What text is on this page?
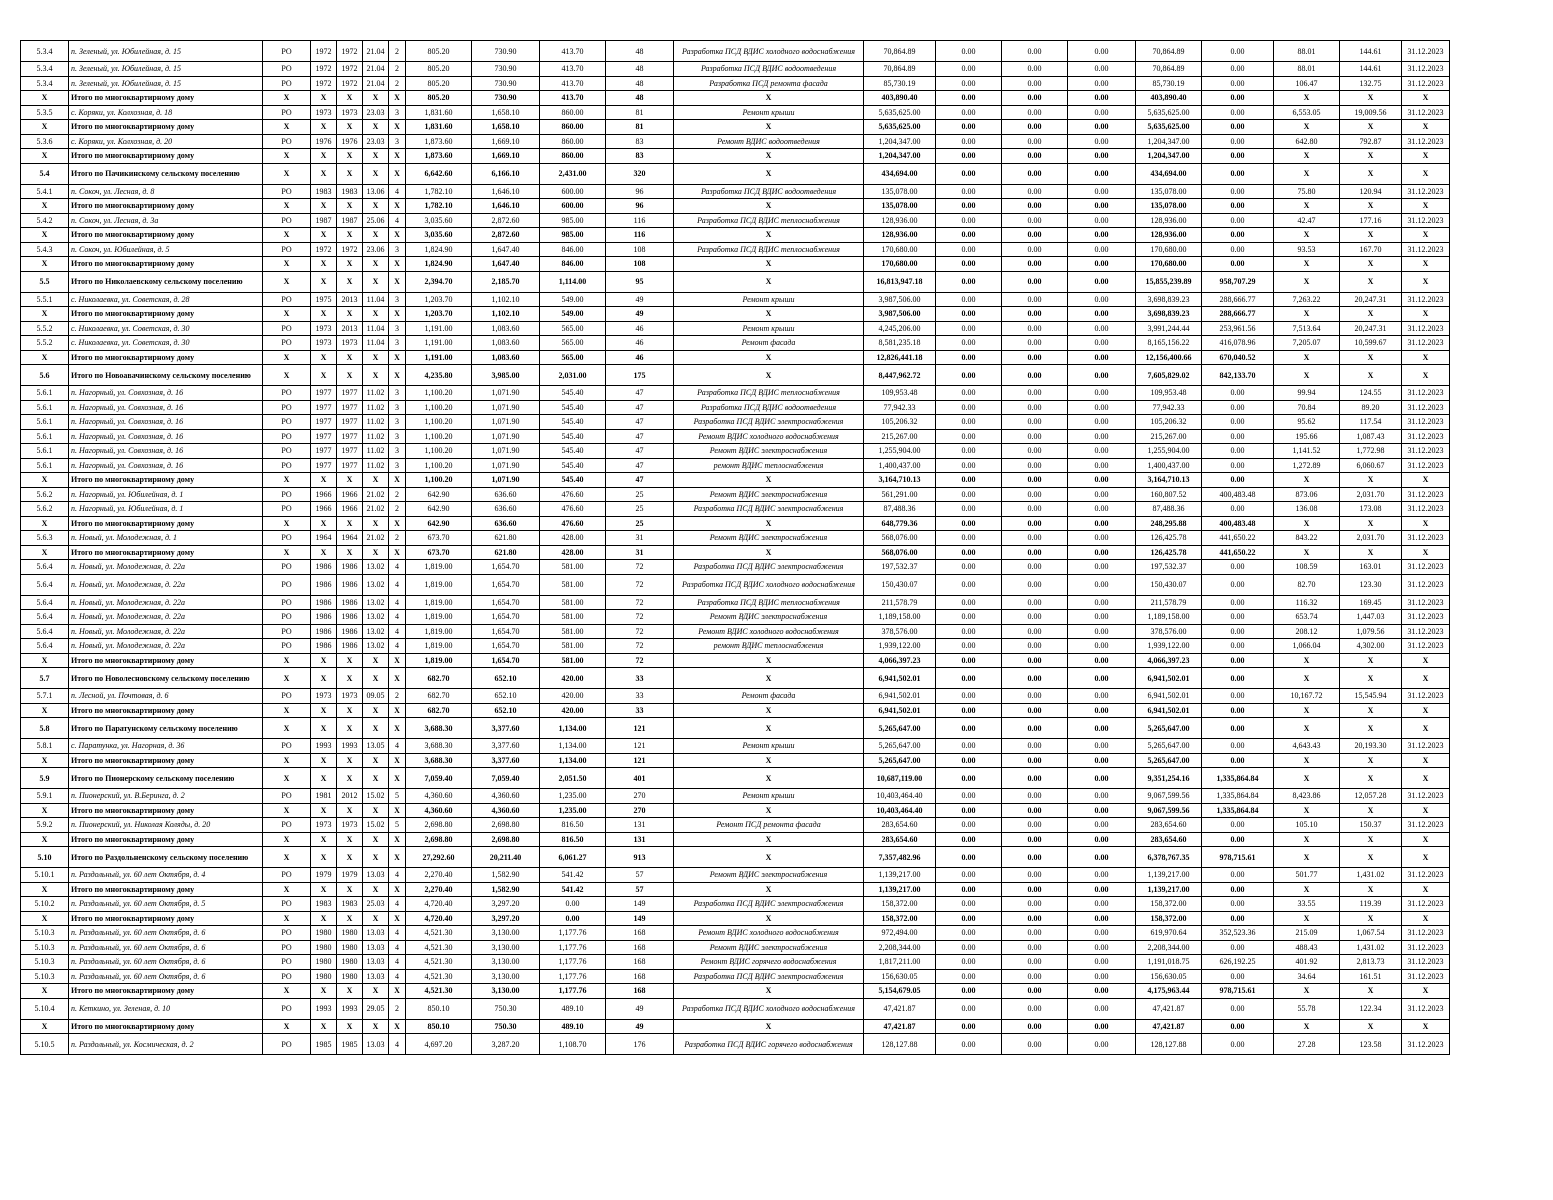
5.3.4	п. Зеленый, ул. Юбилейная, д. 15	РО	1972	1972	21.04	2	805.20	730.90	413.70	48	Разработка ПСД ВДИС холодного водоснабжения	70,864.89	0.00	0.00	0.00	70,864.89	0.00	88.01	144.61	31.12.2023
5.3.4	п. Зеленый, ул. Юбилейная, д. 15	РО	1972	1972	21.04	2	805.20	730.90	413.70	48	Разработка ПСД ВДИС водоотведения	70,864.89	0.00	0.00	0.00	70,864.89	0.00	88.01	144.61	31.12.2023
5.3.4	п. Зеленый, ул. Юбилейная, д. 15	РО	1972	1972	21.04	2	805.20	730.90	413.70	48	Разработка ПСД ремонта фасада	85,730.19	0.00	0.00	0.00	85,730.19	0.00	106.47	132.75	31.12.2023
X	Итого по многоквартирному дому	X	X	X	X	X	805.20	730.90	413.70	48	X	403,890.40	0.00	0.00	0.00	403,890.40	0.00	X	X	X
5.3.5	с. Коряки, ул. Колхозная, д. 18	РО	1973	1973	23.03	3	1,831.60	1,658.10	860.00	81	Ремонт крыши	5,635,625.00	0.00	0.00	0.00	5,635,625.00	0.00	6,553.05	19,009.56	31.12.2023
X	Итого по многоквартирному дому	X	X	X	X	X	1,831.60	1,658.10	860.00	81	X	5,635,625.00	0.00	0.00	0.00	5,635,625.00	0.00	X	X	X
5.3.6	с. Коряки, ул. Колхозная, д. 20	РО	1976	1976	23.03	3	1,873.60	1,669.10	860.00	83	Ремонт ВДИС водоотведения	1,204,347.00	0.00	0.00	0.00	1,204,347.00	0.00	642.80	792.87	31.12.2023
X	Итого по многоквартирному дому	X	X	X	X	X	1,873.60	1,669.10	860.00	83	X	1,204,347.00	0.00	0.00	0.00	1,204,347.00	0.00	X	X	X
5.4	Итого по Пачикинскому сельскому поселению	X	X	X	X	X	6,642.60	6,166.10	2,431.00	320	X	434,694.00	0.00	0.00	0.00	434,694.00	0.00	X	X	X
5.4.1	п. Сокоч, ул. Лесная, д. 8	РО	1983	1983	13.06	4	1,782.10	1,646.10	600.00	96	Разработка ПСД ВДИС водоотведения	135,078.00	0.00	0.00	0.00	135,078.00	0.00	75.80	120.94	31.12.2023
X	Итого по многоквартирному дому	X	X	X	X	X	1,782.10	1,646.10	600.00	96	X	135,078.00	0.00	0.00	0.00	135,078.00	0.00	X	X	X
5.4.2	п. Сокоч, ул. Лесная, д. 3а	РО	1987	1987	25.06	4	3,035.60	2,872.60	985.00	116	Разработка ПСД ВДИС теплоснабжения	128,936.00	0.00	0.00	0.00	128,936.00	0.00	42.47	177.16	31.12.2023
X	Итого по многоквартирному дому	X	X	X	X	X	3,035.60	2,872.60	985.00	116	X	128,936.00	0.00	0.00	0.00	128,936.00	0.00	X	X	X
5.4.3	п. Сокоч, ул. Юбилейная, д. 5	РО	1972	1972	23.06	3	1,824.90	1,647.40	846.00	108	Разработка ПСД ВДИС теплоснабжения	170,680.00	0.00	0.00	0.00	170,680.00	0.00	93.53	167.70	31.12.2023
X	Итого по многоквартирному дому	X	X	X	X	X	1,824.90	1,647.40	846.00	108	X	170,680.00	0.00	0.00	0.00	170,680.00	0.00	X	X	X
5.5	Итого по Николаевскому сельскому поселению	X	X	X	X	X	2,394.70	2,185.70	1,114.00	95	X	16,813,947.18	0.00	0.00	0.00	15,855,239.89	958,707.29	X	X	X
5.5.1	с. Николаевка, ул. Советская, д. 28	РО	1975	2013	11.04	3	1,203.70	1,102.10	549.00	49	Ремонт крыши	3,987,506.00	0.00	0.00	0.00	3,698,839.23	288,666.77	7,263.22	20,247.31	31.12.2023
X	Итого по многоквартирному дому	X	X	X	X	X	1,203.70	1,102.10	549.00	49	X	3,987,506.00	0.00	0.00	0.00	3,698,839.23	288,666.77	X	X	X
5.5.2	с. Николаевка, ул. Советская, д. 30	РО	1973	2013	11.04	3	1,191.00	1,083.60	565.00	46	Ремонт крыши	4,245,206.00	0.00	0.00	0.00	3,991,244.44	253,961.56	7,513.64	20,247.31	31.12.2023
5.5.2	с. Николаевка, ул. Советская, д. 30	РО	1973	1973	11.04	3	1,191.00	1,083.60	565.00	46	Ремонт фасада	8,581,235.18	0.00	0.00	0.00	8,165,156.22	416,078.96	7,205.07	10,599.67	31.12.2023
X	Итого по многоквартирному дому	X	X	X	X	X	1,191.00	1,083.60	565.00	46	X	12,826,441.18	0.00	0.00	0.00	12,156,400.66	670,040.52	X	X	X
5.6	Итого по Новоавачинскому сельскому поселению	X	X	X	X	X	4,235.80	3,985.00	2,031.00	175	X	8,447,962.72	0.00	0.00	0.00	7,605,829.02	842,133.70	X	X	X
5.6.1	п. Нагорный, ул. Совхозная, д. 16	РО	1977	1977	11.02	3	1,100.20	1,071.90	545.40	47	Разработка ПСД ВДИС теплоснабжения	109,953.48	0.00	0.00	0.00	109,953.48	0.00	99.94	124.55	31.12.2023
5.6.1	п. Нагорный, ул. Совхозная, д. 16	РО	1977	1977	11.02	3	1,100.20	1,071.90	545.40	47	Разработка ПСД ВДИС водоотведения	77,942.33	0.00	0.00	0.00	77,942.33	0.00	70.84	89.20	31.12.2023
5.6.1	п. Нагорный, ул. Совхозная, д. 16	РО	1977	1977	11.02	3	1,100.20	1,071.90	545.40	47	Разработка ПСД ВДИС электроснабжения	105,206.32	0.00	0.00	0.00	105,206.32	0.00	95.62	117.54	31.12.2023
5.6.1	п. Нагорный, ул. Совхозная, д. 16	РО	1977	1977	11.02	3	1,100.20	1,071.90	545.40	47	Ремонт ВДИС холодного водоснабжения	215,267.00	0.00	0.00	0.00	215,267.00	0.00	195.66	1,087.43	31.12.2023
5.6.1	п. Нагорный, ул. Совхозная, д. 16	РО	1977	1977	11.02	3	1,100.20	1,071.90	545.40	47	Ремонт ВДИС электроснабжения	1,255,904.00	0.00	0.00	0.00	1,255,904.00	0.00	1,141.52	1,772.98	31.12.2023
5.6.1	п. Нагорный, ул. Совхозная, д. 16	РО	1977	1977	11.02	3	1,100.20	1,071.90	545.40	47	ремонт ВДИС теплоснабжения	1,400,437.00	0.00	0.00	0.00	1,400,437.00	0.00	1,272.89	6,060.67	31.12.2023
X	Итого по многоквартирному дому	X	X	X	X	X	1,100.20	1,071.90	545.40	47	X	3,164,710.13	0.00	0.00	0.00	3,164,710.13	0.00	X	X	X
5.6.2	п. Нагорный, ул. Юбилейная, д. 1	РО	1966	1966	21.02	2	642.90	636.60	476.60	25	Ремонт ВДИС электроснабжения	561,291.00	0.00	0.00	0.00	160,807.52	400,483.48	873.06	2,031.70	31.12.2023
5.6.2	п. Нагорный, ул. Юбилейная, д. 1	РО	1966	1966	21.02	2	642.90	636.60	476.60	25	Разработка ПСД ВДИС электроснабжения	87,488.36	0.00	0.00	0.00	87,488.36	0.00	136.08	173.08	31.12.2023
X	Итого по многоквартирному дому	X	X	X	X	X	642.90	636.60	476.60	25	X	648,779.36	0.00	0.00	0.00	248,295.88	400,483.48	X	X	X
5.6.3	п. Новый, ул. Молодежная, д. 1	РО	1964	1964	21.02	2	673.70	621.80	428.00	31	Ремонт ВДИС электроснабжения	568,076.00	0.00	0.00	0.00	126,425.78	441,650.22	843.22	2,031.70	31.12.2023
X	Итого по многоквартирному дому	X	X	X	X	X	673.70	621.80	428.00	31	X	568,076.00	0.00	0.00	0.00	126,425.78	441,650.22	X	X	X
5.6.4	п. Новый, ул. Молодежная, д. 22а	РО	1986	1986	13.02	4	1,819.00	1,654.70	581.00	72	Разработка ПСД ВДИС электроснабжения	197,532.37	0.00	0.00	0.00	197,532.37	0.00	108.59	163.01	31.12.2023
5.6.4	п. Новый, ул. Молодежная, д. 22а	РО	1986	1986	13.02	4	1,819.00	1,654.70	581.00	72	Разработка ПСД ВДИС холодного водоснабжения	150,430.07	0.00	0.00	0.00	150,430.07	0.00	82.70	123.30	31.12.2023
5.6.4	п. Новый, ул. Молодежная, д. 22а	РО	1986	1986	13.02	4	1,819.00	1,654.70	581.00	72	Разработка ПСД ВДИС теплоснабжения	211,578.79	0.00	0.00	0.00	211,578.79	0.00	116.32	169.45	31.12.2023
5.6.4	п. Новый, ул. Молодежная, д. 22а	РО	1986	1986	13.02	4	1,819.00	1,654.70	581.00	72	Ремонт ВДИС электроснабжения	1,189,158.00	0.00	0.00	0.00	1,189,158.00	0.00	653.74	1,447.03	31.12.2023
5.6.4	п. Новый, ул. Молодежная, д. 22а	РО	1986	1986	13.02	4	1,819.00	1,654.70	581.00	72	Ремонт ВДИС холодного водоснабжения	378,576.00	0.00	0.00	0.00	378,576.00	0.00	208.12	1,079.56	31.12.2023
5.6.4	п. Новый, ул. Молодежная, д. 22а	РО	1986	1986	13.02	4	1,819.00	1,654.70	581.00	72	ремонт ВДИС теплоснабжения	1,939,122.00	0.00	0.00	0.00	1,939,122.00	0.00	1,066.04	4,302.00	31.12.2023
X	Итого по многоквартирному дому	X	X	X	X	X	1,819.00	1,654.70	581.00	72	X	4,066,397.23	0.00	0.00	0.00	4,066,397.23	0.00	X	X	X
5.7	Итого по Новолесновскому сельскому поселению	X	X	X	X	X	682.70	652.10	420.00	33	X	6,941,502.01	0.00	0.00	0.00	6,941,502.01	0.00	X	X	X
5.7.1	п. Лесной, ул. Почтовая, д. 6	РО	1973	1973	09.05	2	682.70	652.10	420.00	33	Ремонт фасада	6,941,502.01	0.00	0.00	0.00	6,941,502.01	0.00	10,167.72	15,545.94	31.12.2023
X	Итого по многоквартирному дому	X	X	X	X	X	682.70	652.10	420.00	33	X	6,941,502.01	0.00	0.00	0.00	6,941,502.01	0.00	X	X	X
5.8	Итого по Паратунскому сельскому поселению	X	X	X	X	X	3,688.30	3,377.60	1,134.00	121	X	5,265,647.00	0.00	0.00	0.00	5,265,647.00	0.00	X	X	X
5.8.1	с. Паратунка, ул. Нагорная, д. 36	РО	1993	1993	13.05	4	3,688.30	3,377.60	1,134.00	121	Ремонт крыши	5,265,647.00	0.00	0.00	0.00	5,265,647.00	0.00	4,643.43	20,193.30	31.12.2023
X	Итого по многоквартирному дому	X	X	X	X	X	3,688.30	3,377.60	1,134.00	121	X	5,265,647.00	0.00	0.00	0.00	5,265,647.00	0.00	X	X	X
5.9	Итого по Пионерскому сельскому поселению	X	X	X	X	X	7,059.40	7,059.40	2,051.50	401	X	10,687,119.00	0.00	0.00	0.00	9,351,254.16	1,335,864.84	X	X	X
5.9.1	п. Пионерский, ул. В.Беринга, д. 2	РО	1981	2012	15.02	5	4,360.60	4,360.60	1,235.00	270	Ремонт крыши	10,403,464.40	0.00	0.00	0.00	9,067,599.56	1,335,864.84	8,423.86	12,057.28	31.12.2023
X	Итого по многоквартирному дому	X	X	X	X	X	4,360.60	4,360.60	1,235.00	270	X	10,403,464.40	0.00	0.00	0.00	9,067,599.56	1,335,864.84	X	X	X
5.9.2	п. Пионерский, ул. Николая Коляды, д. 20	РО	1973	1973	15.02	5	2,698.80	2,698.80	816.50	131	Ремонт ПСД ремонта фасада	283,654.60	0.00	0.00	0.00	283,654.60	0.00	105.10	150.37	31.12.2023
X	Итого по многоквартирному дому	X	X	X	X	X	2,698.80	2,698.80	816.50	131	X	283,654.60	0.00	0.00	0.00	283,654.60	0.00	X	X	X
5.10	Итого по Раздольненскому сельскому поселению	X	X	X	X	X	27,292.60	20,211.40	6,061.27	913	X	7,357,482.96	0.00	0.00	0.00	6,378,767.35	978,715.61	X	X	X
5.10.1	п. Раздольный, ул. 60 лет Октября, д. 4	РО	1979	1979	13.03	4	2,270.40	1,582.90	541.42	57	Ремонт ВДИС электроснабжения	1,139,217.00	0.00	0.00	0.00	1,139,217.00	0.00	501.77	1,431.02	31.12.2023
X	Итого по многоквартирному дому	X	X	X	X	X	2,270.40	1,582.90	541.42	57	X	1,139,217.00	0.00	0.00	0.00	1,139,217.00	0.00	X	X	X
5.10.2	п. Раздольный, ул. 60 лет Октября, д. 5	РО	1983	1983	25.03	4	4,720.40	3,297.20	0.00	149	Разработка ПСД ВДИС электроснабжения	158,372.00	0.00	0.00	0.00	158,372.00	0.00	33.55	119.39	31.12.2023
X	Итого по многоквартирному дому	X	X	X	X	X	4,720.40	3,297.20	0.00	149	X	158,372.00	0.00	0.00	0.00	158,372.00	0.00	X	X	X
5.10.3	п. Раздольный, ул. 60 лет Октября, д. 6	РО	1980	1980	13.03	4	4,521.30	3,130.00	1,177.76	168	Ремонт ВДИС холодного водоснабжения	972,494.00	0.00	0.00	0.00	619,970.64	352,523.36	215.09	1,067.54	31.12.2023
5.10.3	п. Раздольный, ул. 60 лет Октября, д. 6	РО	1980	1980	13.03	4	4,521.30	3,130.00	1,177.76	168	Ремонт ВДИС электроснабжения	2,208,344.00	0.00	0.00	0.00	2,208,344.00	0.00	488.43	1,431.02	31.12.2023
5.10.3	п. Раздольный, ул. 60 лет Октября, д. 6	РО	1980	1980	13.03	4	4,521.30	3,130.00	1,177.76	168	Ремонт ВДИС горячего водоснабжения	1,817,211.00	0.00	0.00	0.00	1,191,018.75	626,192.25	401.92	2,813.73	31.12.2023
5.10.3	п. Раздольный, ул. 60 лет Октября, д. 6	РО	1980	1980	13.03	4	4,521.30	3,130.00	1,177.76	168	Разработка ПСД ВДИС электроснабжения	156,630.05	0.00	0.00	0.00	156,630.05	0.00	34.64	161.51	31.12.2023
X	Итого по многоквартирному дому	X	X	X	X	X	4,521.30	3,130.00	1,177.76	168	X	5,154,679.05	0.00	0.00	0.00	4,175,963.44	978,715.61	X	X	X
5.10.4	п. Кеткино, ул. Зеленая, д. 10	РО	1993	1993	29.05	2	850.10	750.30	489.10	49	Разработка ПСД ВДИС холодного водоснабжения	47,421.87	0.00	0.00	0.00	47,421.87	0.00	55.78	122.34	31.12.2023
X	Итого по многоквартирному дому	X	X	X	X	X	850.10	750.30	489.10	49	X	47,421.87	0.00	0.00	0.00	47,421.87	0.00	X	X	X
5.10.5	п. Раздольный, ул. Космическая, д. 2	РО	1985	1985	13.03	4	4,697.20	3,287.20	1,108.70	176	Разработка ПСД ВДИС горячего водоснабжения	128,127.88	0.00	0.00	0.00	128,127.88	0.00	27.28	123.58	31.12.2023
